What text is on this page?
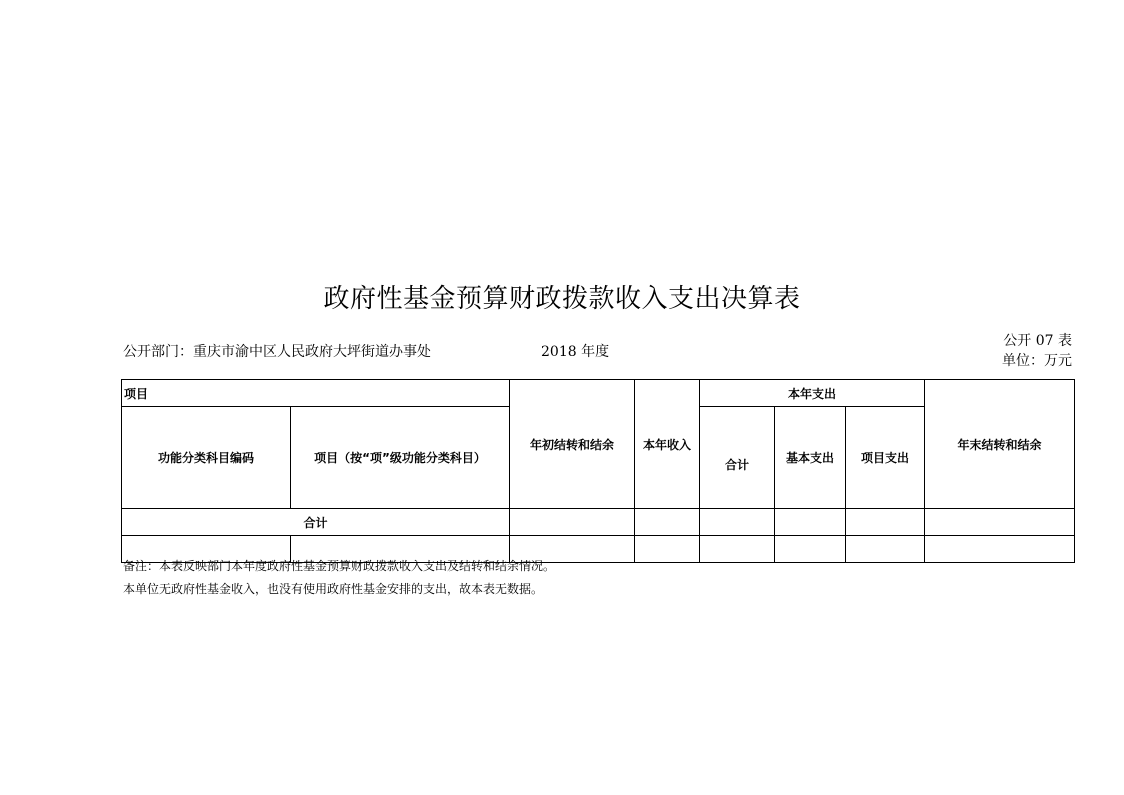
政府性基金预算财政拨款收入支出决算表
公开部门：重庆市渝中区人民政府大坪街道办事处	2018 年度
公开 07 表
单位：万元
项目		年初结转和结余	本年收入	本年支出			年末结转和结余
功能分类科目编码	项目（按“项”级功能分类科目）			合计	基本支出	项目支出	
合计							

备注：本表反映部门本年度政府性基金预算财政拨款收入支出及结转和结余情况。
本单位无政府性基金收入，也没有使用政府性基金安排的支出，故本表无数据。
